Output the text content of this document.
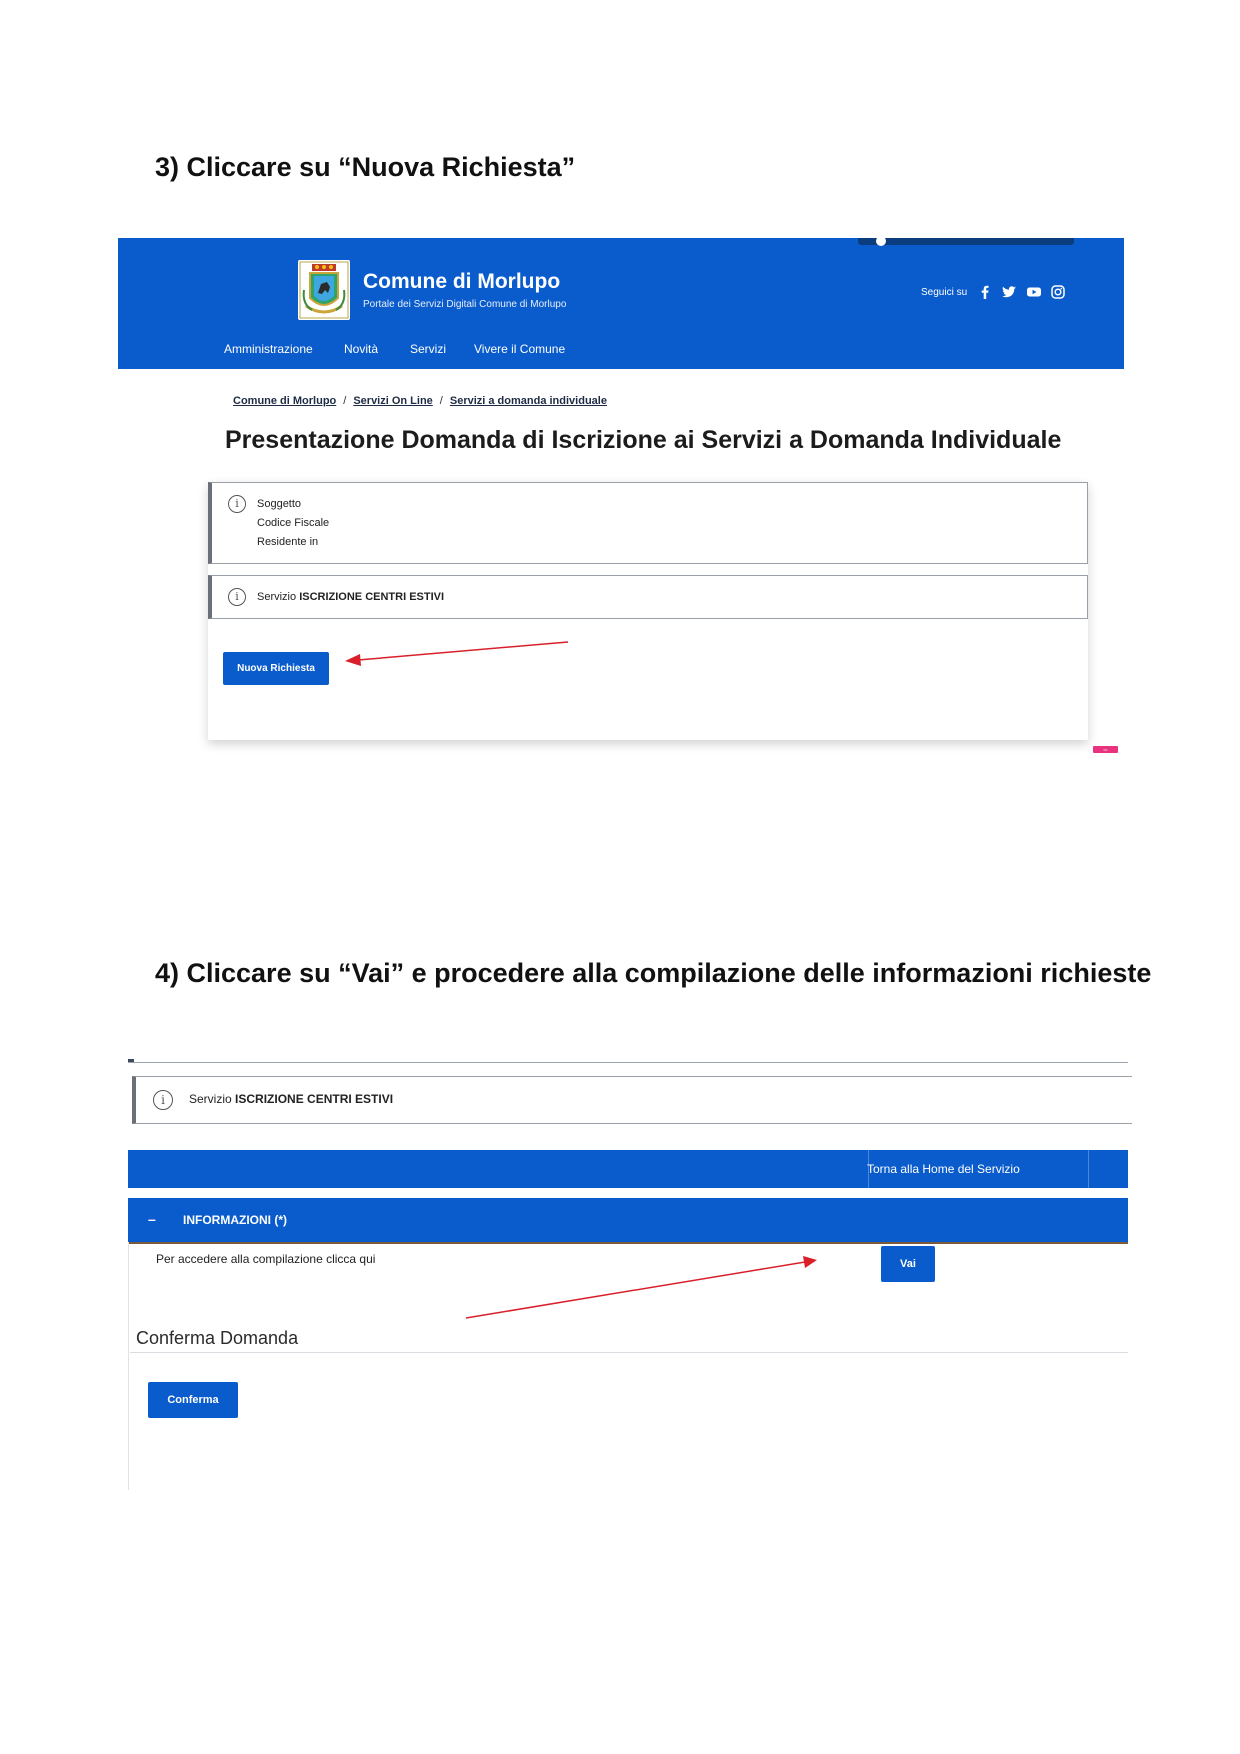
3) Cliccare su “Nuova Richiesta”
4) Cliccare su “Vai” e procedere alla compilazione delle informazioni richieste
Comune di Morlupo
Portale dei Servizi Digitali Comune di Morlupo
Seguici su
Amministrazione	Novità	Servizi Vivere il Comune
Comune di Morlupo / Servizi On Line / Servizi a domanda individuale
Presentazione Domanda di Iscrizione ai Servizi a Domanda Individuale
i	Soggetto
Codice Fiscale
Residente in
i	Servizio ISCRIZIONE CENTRI ESTIVI
Nuova Richiesta
•••
i	Servizio ISCRIZIONE CENTRI ESTIVI
Torna alla Home del Servizio
– INFORMAZIONI (*)
Per accedere alla compilazione clicca qui	Vai
Conferma Domanda
Conferma
